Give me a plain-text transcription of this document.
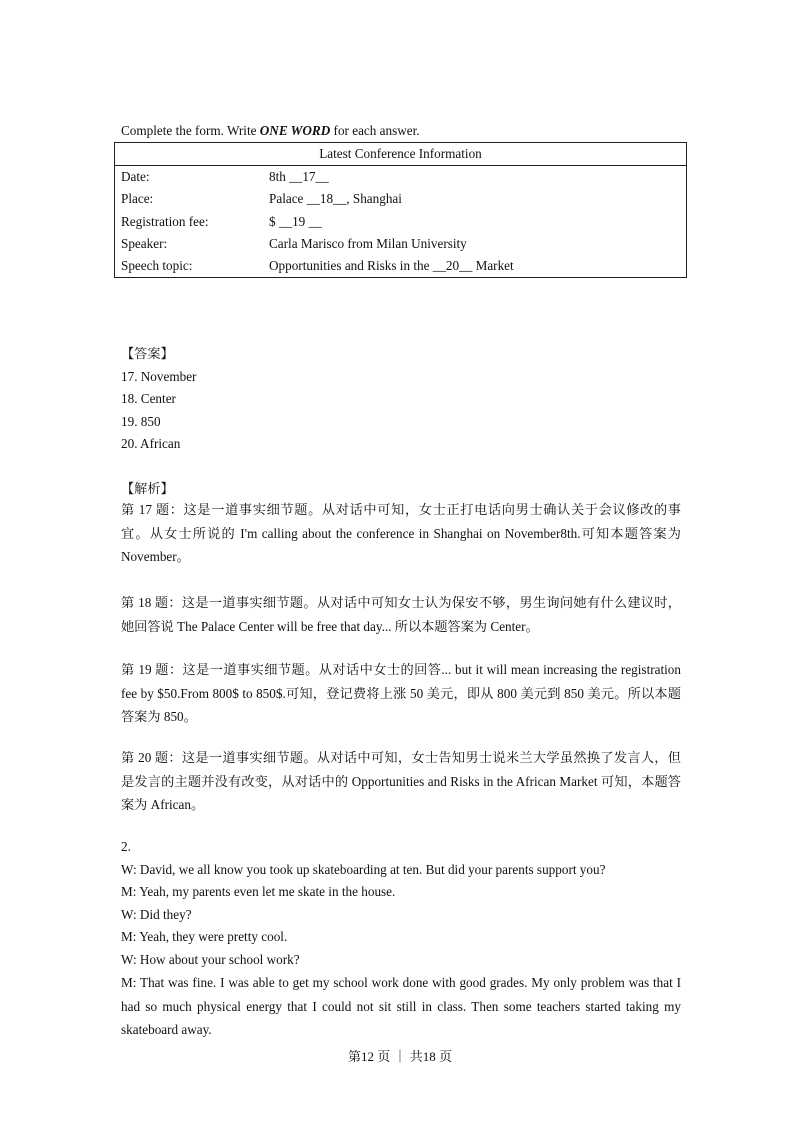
Complete the form. Write ONE WORD for each answer.
Latest Conference Information	
Date:	8th __17__
Place:	Palace __18__, Shanghai
Registration fee:	$ __19 __
Speaker:	Carla Marisco from Milan University
Speech topic:	Opportunities and Risks in the __20__ Market
【答案】
17. November
18. Center
19. 850
20. African
【解析】
第 17 题：这是一道事实细节题。从对话中可知，女士正打电话向男士确认关于会议修改的事宜。从女士所说的 I'm calling about the conference in Shanghai on November8th.可知本题答案为 November。
第 18 题：这是一道事实细节题。从对话中可知女士认为保安不够，男生询问她有什么建议时，她回答说 The Palace Center will be free that day... 所以本题答案为 Center。
第 19 题：这是一道事实细节题。从对话中女士的回答... but it will mean increasing the registration fee by $50.From 800$ to 850$.可知，登记费将上涨 50 美元，即从 800 美元到 850 美元。所以本题答案为 850。
第 20 题：这是一道事实细节题。从对话中可知，女士告知男士说米兰大学虽然换了发言人，但是发言的主题并没有改变，从对话中的 Opportunities and Risks in the African Market 可知，本题答案为 African。
2.
W: David, we all know you took up skateboarding at ten. But did your parents support you?
M: Yeah, my parents even let me skate in the house.
W: Did they?
M: Yeah, they were pretty cool.
W: How about your school work?
M: That was fine. I was able to get my school work done with good grades. My only problem was that I had so much physical energy that I could not sit still in class. Then some teachers started taking my skateboard away.
第12 页 ｜ 共18 页
